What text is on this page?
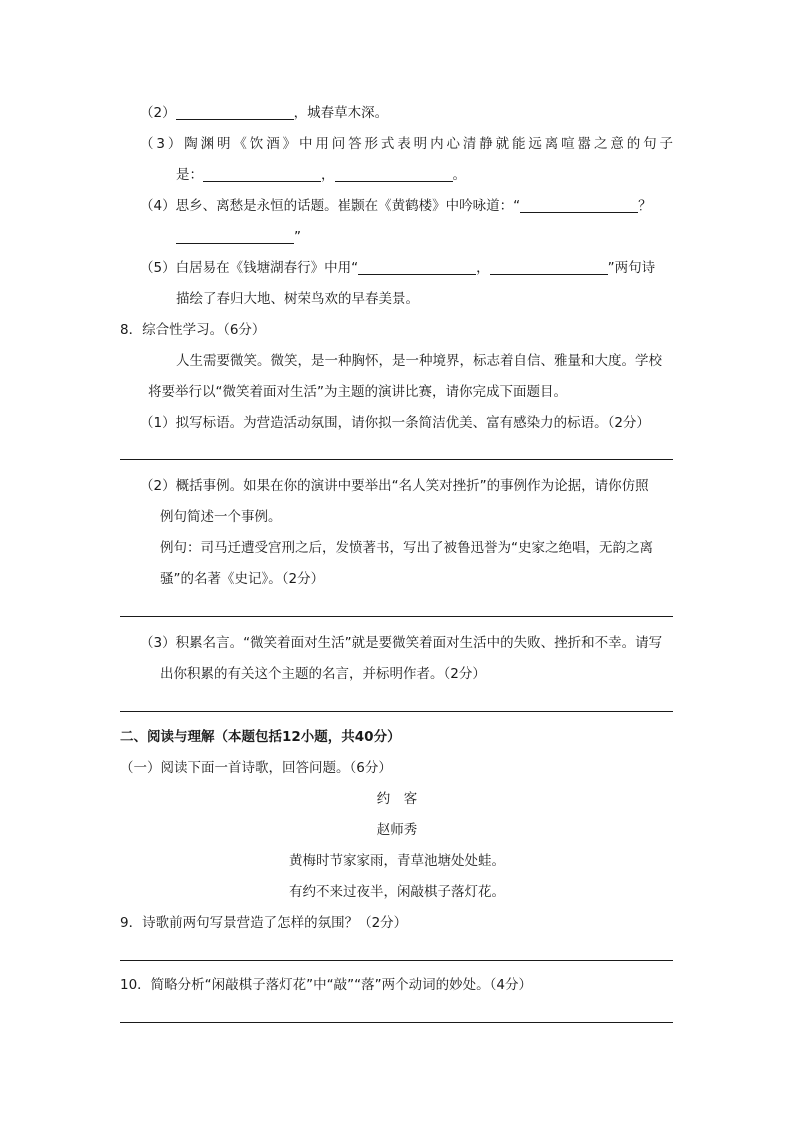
（2）	，城春草木深。
（3）陶渊明《饮酒》中用问答形式表明内心清静就能远离喧嚣之意的句子
是：	，	。
（4）思乡、离愁是永恒的话题。崔颢在《黄鹤楼》中吟咏道：“	？
”
（5）白居易在《钱塘湖春行》中用“	，	”两句诗
描绘了春归大地、树荣鸟欢的早春美景。
8．综合性学习。（6分）
人生需要微笑。微笑，是一种胸怀，是一种境界，标志着自信、雅量和大度。学校
将要举行以“微笑着面对生活”为主题的演讲比赛，请你完成下面题目。
（1）拟写标语。为营造活动氛围，请你拟一条简洁优美、富有感染力的标语。（2分）
（2）概括事例。如果在你的演讲中要举出“名人笑对挫折”的事例作为论据，请你仿照
例句简述一个事例。
例句：司马迁遭受宫刑之后，发愤著书，写出了被鲁迅誉为“史家之绝唱，无韵之离
骚”的名著《史记》。（2分）
（3）积累名言。“微笑着面对生活”就是要微笑着面对生活中的失败、挫折和不幸。请写
出你积累的有关这个主题的名言，并标明作者。（2分）
二、阅读与理解（本题包括12小题，共40分）
（一）阅读下面一首诗歌，回答问题。（6分）
约　客
赵师秀
黄梅时节家家雨，青草池塘处处蛙。
有约不来过夜半，闲敲棋子落灯花。
9．诗歌前两句写景营造了怎样的氛围？（2分）
10．简略分析“闲敲棋子落灯花”中“敲”“落”两个动词的妙处。（4分）
